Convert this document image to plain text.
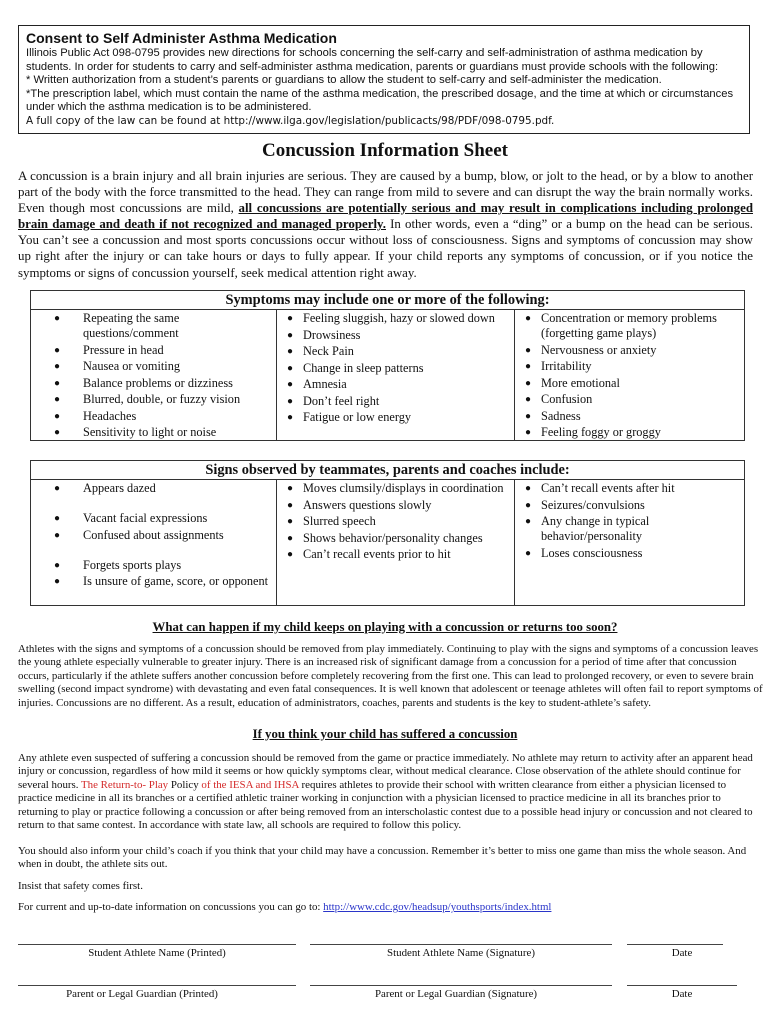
Consent to Self Administer Asthma Medication
Illinois Public Act 098-0795 provides new directions for schools concerning the self-carry and self-administration of asthma medication by students. In order for students to carry and self-administer asthma medication, parents or guardians must provide schools with the following:
* Written authorization from a student’s parents or guardians to allow the student to self-carry and self-administer the medication.
*The prescription label, which must contain the name of the asthma medication, the prescribed dosage, and the time at which or circumstances under which the asthma medication is to be administered.
A full copy of the law can be found at http://www.ilga.gov/legislation/publicacts/98/PDF/098-0795.pdf.
Concussion Information Sheet
A concussion is a brain injury and all brain injuries are serious. They are caused by a bump, blow, or jolt to the head, or by a blow to another part of the body with the force transmitted to the head. They can range from mild to severe and can disrupt the way the brain normally works. Even though most concussions are mild, all concussions are potentially serious and may result in complications including prolonged brain damage and death if not recognized and managed properly. In other words, even a “ding” or a bump on the head can be serious. You can’t see a concussion and most sports concussions occur without loss of consciousness. Signs and symptoms of concussion may show up right after the injury or can take hours or days to fully appear. If your child reports any symptoms of concussion, or if you notice the symptoms or signs of concussion yourself, seek medical attention right away.
Symptoms may include one or more of the following:
●	Repeating the same questions/comment
●	Pressure in head
●	Nausea or vomiting
●	Balance problems or dizziness
●	Blurred, double, or fuzzy vision
●	Headaches
●	Sensitivity to light or noise
● Feeling sluggish, hazy or slowed down
● Drowsiness
● Neck Pain
● Change in sleep patterns
● Amnesia
● Don’t feel right
● Fatigue or low energy
● Concentration or memory problems (forgetting game plays)
● Nervousness or anxiety
● Irritability
● More emotional
● Confusion
● Sadness
● Feeling foggy or groggy
Signs observed by teammates, parents and coaches include:
●	Appears dazed
●	Vacant facial expressions
●	Confused about assignments
●	Forgets sports plays
●	Is unsure of game, score, or opponent
● Moves clumsily/displays in coordination
● Answers questions slowly
● Slurred speech
● Shows behavior/personality changes
● Can’t recall events prior to hit
● Can’t recall events after hit
● Seizures/convulsions
● Any change in typical behavior/personality
● Loses consciousness
What can happen if my child keeps on playing with a concussion or returns too soon?
Athletes with the signs and symptoms of a concussion should be removed from play immediately. Continuing to play with the signs and symptoms of a concussion leaves the young athlete especially vulnerable to greater injury. There is an increased risk of significant damage from a concussion for a period of time after that concussion occurs, particularly if the athlete suffers another concussion before completely recovering from the first one. This can lead to prolonged recovery, or even to severe brain swelling (second impact syndrome) with devastating and even fatal consequences. It is well known that adolescent or teenage athletes will often fail to report symptoms of injuries. Concussions are no different. As a result, education of administrators, coaches, parents and students is the key to student-athlete’s safety.
If you think your child has suffered a concussion
Any athlete even suspected of suffering a concussion should be removed from the game or practice immediately. No athlete may return to activity after an apparent head injury or concussion, regardless of how mild it seems or how quickly symptoms clear, without medical clearance. Close observation of the athlete should continue for several hours. The Return-to- Play Policy of the IESA and IHSA requires athletes to provide their school with written clearance from either a physician licensed to practice medicine in all its branches or a certified athletic trainer working in conjunction with a physician licensed to practice medicine in all its branches prior to returning to play or practice following a concussion or after being removed from an interscholastic contest due to a possible head injury or concussion and not cleared to return to that same contest. In accordance with state law, all schools are required to follow this policy.
You should also inform your child’s coach if you think that your child may have a concussion. Remember it’s better to miss one game than miss the whole season. And when in doubt, the athlete sits out.
Insist that safety comes first.
For current and up-to-date information on concussions you can go to: http://www.cdc.gov/headsup/youthsports/index.html
Student Athlete Name (Printed)	Student Athlete Name (Signature)	Date
Parent or Legal Guardian (Printed)	Parent or Legal Guardian (Signature)	Date
